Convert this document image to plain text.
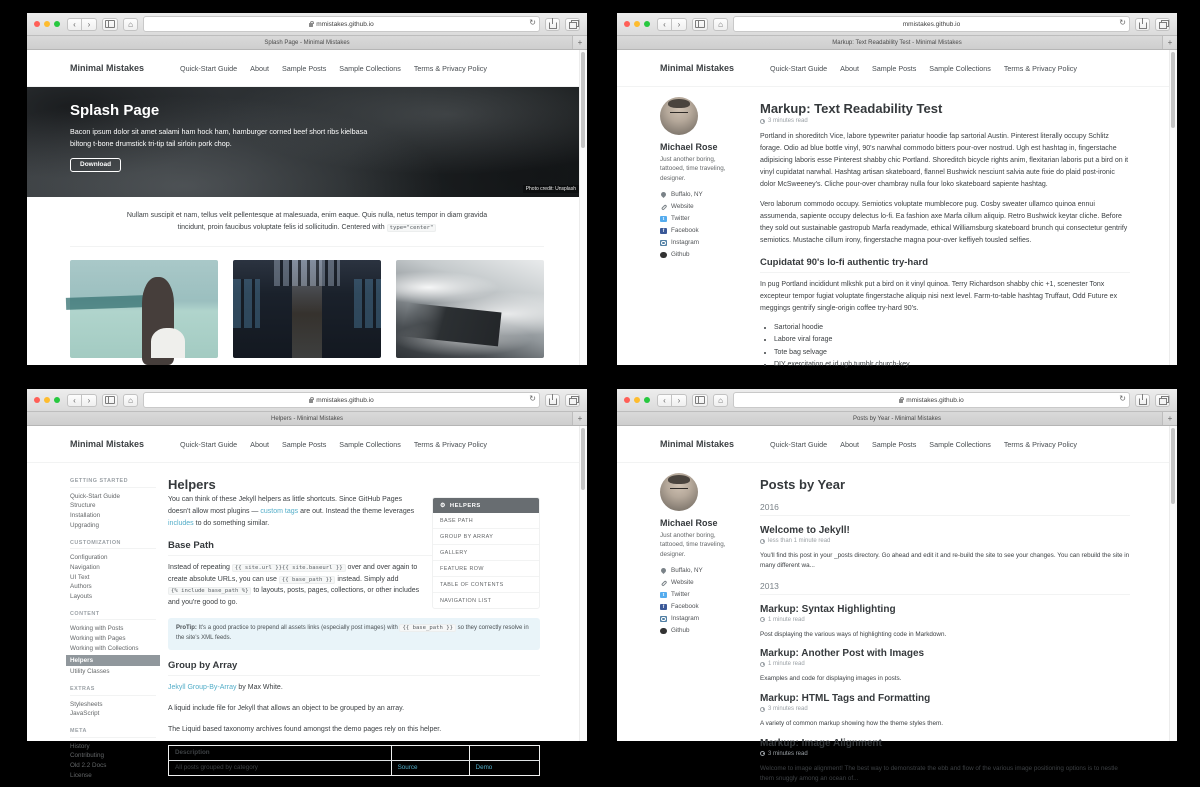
‹	›	⌂	mmistakes.github.io	↻
Splash Page - Minimal Mistakes	+
Minimal Mistakes	Quick-Start Guide About Sample Posts Sample Collections Terms & Privacy Policy
Splash Page

Bacon ipsum dolor sit amet salami ham hock ham, hamburger corned beef short ribs kielbasa biltong t-bone drumstick tri-tip tail sirloin pork chop.

Download
Photo credit: Unsplash

Nullam suscipit et nam, tellus velit pellentesque at malesuada, enim eaque. Quis nulla, netus tempor in diam gravida tincidunt, proin faucibus voluptate felis id sollicitudin. Centered with type="center"

‹	›	⌂	mmistakes.github.io	↻
Markup: Text Readability Test - Minimal Mistakes	+
Minimal Mistakes	Quick-Start Guide About Sample Posts Sample Collections Terms & Privacy Policy
Michael Rose
Just another boring, tattooed, time traveling, designer.
Buffalo, NY
Website
t	Twitter
f	Facebook
Instagram
Github
Markup: Text Readability Test
3 minutes read

Portland in shoreditch Vice, labore typewriter pariatur hoodie fap sartorial Austin. Pinterest literally occupy Schlitz forage. Odio ad blue bottle vinyl, 90's narwhal commodo bitters pour-over nostrud. Ugh est hashtag in, fingerstache adipisicing laboris esse Pinterest shabby chic Portland. Shoreditch bicycle rights anim, flexitarian laboris put a bird on it vinyl cupidatat narwhal. Hashtag artisan skateboard, flannel Bushwick nesciunt salvia aute fixie do plaid post-ironic dolor McSweeney's. Cliche pour-over chambray nulla four loko skateboard sapiente hashtag.

Vero laborum commodo occupy. Semiotics voluptate mumblecore pug. Cosby sweater ullamco quinoa ennui assumenda, sapiente occupy delectus lo-fi. Ea fashion axe Marfa cillum aliquip. Retro Bushwick keytar cliche. Before they sold out sustainable gastropub Marfa readymade, ethical Williamsburg skateboard brunch qui consectetur gentrify semiotics. Mustache cillum irony, fingerstache magna pour-over keffiyeh tousled selfies.

Cupidatat 90's lo-fi authentic try-hard

In pug Portland incididunt mlkshk put a bird on it vinyl quinoa. Terry Richardson shabby chic +1, scenester Tonx excepteur tempor fugiat voluptate fingerstache aliquip nisi next level. Farm-to-table hashtag Truffaut, Odd Future ex meggings gentrify single-origin coffee try-hard 90's.

• Sartorial hoodie
• Labore viral forage
• Tote bag selvage
• DIY exercitation et id ugh tumblr church-key
‹	›	⌂	mmistakes.github.io	↻
Helpers - Minimal Mistakes	+
Minimal Mistakes	Quick-Start Guide About Sample Posts Sample Collections Terms & Privacy Policy
GETTING STARTED
Quick-Start Guide
Structure
Installation
Upgrading
CUSTOMIZATION
Configuration
Navigation
UI Text
Authors
Layouts
CONTENT
Working with Posts
Working with Pages
Working with Collections
Helpers
Utility Classes
EXTRAS
Stylesheets
JavaScript
META
History
Contributing
Old 2.2 Docs
License
Helpers
⚙ HELPERS
BASE PATH
GROUP BY ARRAY
GALLERY
FEATURE ROW
TABLE OF CONTENTS
NAVIGATION LIST

You can think of these Jekyll helpers as little shortcuts. Since GitHub Pages doesn't allow most plugins — custom tags are out. Instead the theme leverages includes to do something similar.

Base Path

Instead of repeating {{ site.url }}{{ site.baseurl }} over and over again to create absolute URLs, you can use {{ base_path }} instead. Simply add {% include base_path %} to layouts, posts, pages, collections, or other includes and you're good to go.

ProTip: It's a good practice to prepend all assets links (especially post images) with {{ base_path }} so they correctly resolve in the site's XML feeds.
Group by Array

Jekyll Group-By-Array by Max White.

A liquid include file for Jekyll that allows an object to be grouped by an array.

The Liquid based taxonomy archives found amongst the demo pages rely on this helper.

Description		
All posts grouped by category	Source	Demo
‹	›	⌂	mmistakes.github.io	↻
Posts by Year - Minimal Mistakes	+
Minimal Mistakes	Quick-Start Guide About Sample Posts Sample Collections Terms & Privacy Policy
Michael Rose
Just another boring, tattooed, time traveling, designer.
Buffalo, NY
Website
t	Twitter
f	Facebook
Instagram
Github
Posts by Year
2016
Welcome to Jekyll!
less than 1 minute read
You'll find this post in your _posts directory. Go ahead and edit it and re-build the site to see your changes. You can rebuild the site in many different wa...
2013
Markup: Syntax Highlighting
1 minute read
Post displaying the various ways of highlighting code in Markdown.
Markup: Another Post with Images
1 minute read
Examples and code for displaying images in posts.
Markup: HTML Tags and Formatting
3 minutes read
A variety of common markup showing how the theme styles them.
Markup: Image Alignment
3 minutes read
Welcome to image alignment! The best way to demonstrate the ebb and flow of the various image positioning options is to nestle them snuggly among an ocean of...
